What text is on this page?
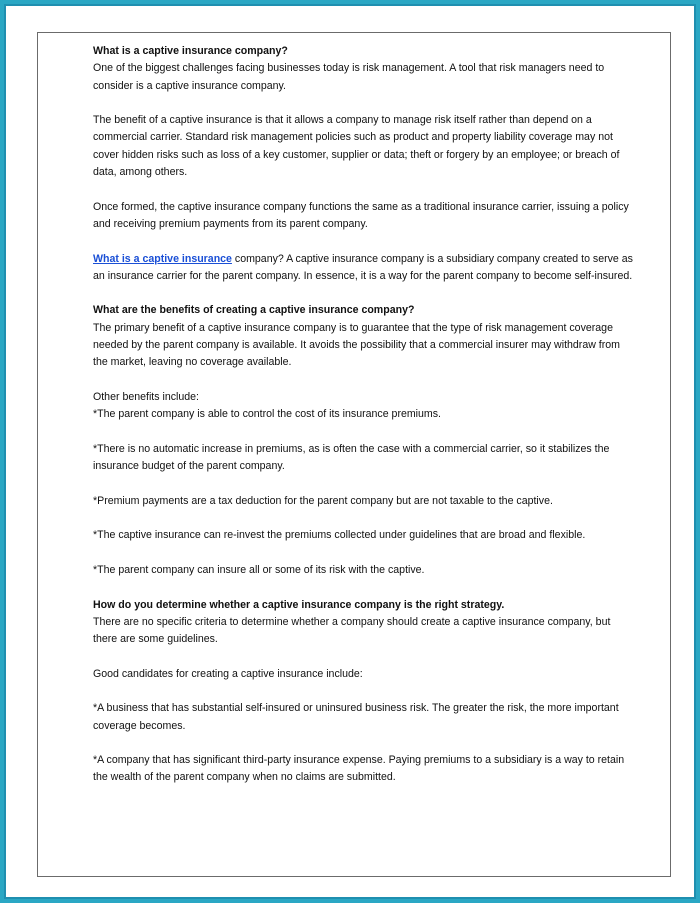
What is a captive insurance company?

One of the biggest challenges facing businesses today is risk management. A tool that risk managers need to consider is a captive insurance company.

The benefit of a captive insurance is that it allows a company to manage risk itself rather than depend on a commercial carrier. Standard risk management policies such as product and property liability coverage may not cover hidden risks such as loss of a key customer, supplier or data; theft or forgery by an employee; or breach of data, among others.

Once formed, the captive insurance company functions the same as a traditional insurance carrier, issuing a policy and receiving premium payments from its parent company.

What is a captive insurance company? A captive insurance company is a subsidiary company created to serve as an insurance carrier for the parent company. In essence, it is a way for the parent company to become self-insured.

What are the benefits of creating a captive insurance company?

The primary benefit of a captive insurance company is to guarantee that the type of risk management coverage needed by the parent company is available. It avoids the possibility that a commercial insurer may withdraw from the market, leaving no coverage available.

Other benefits include:

*The parent company is able to control the cost of its insurance premiums.

*There is no automatic increase in premiums, as is often the case with a commercial carrier, so it stabilizes the insurance budget of the parent company.

*Premium payments are a tax deduction for the parent company but are not taxable to the captive.

*The captive insurance can re-invest the premiums collected under guidelines that are broad and flexible.

*The parent company can insure all or some of its risk with the captive.

How do you determine whether a captive insurance company is the right strategy.

There are no specific criteria to determine whether a company should create a captive insurance company, but there are some guidelines.

Good candidates for creating a captive insurance include:

*A business that has substantial self-insured or uninsured business risk. The greater the risk, the more important coverage becomes.

*A company that has significant third-party insurance expense. Paying premiums to a subsidiary is a way to retain the wealth of the parent company when no claims are submitted.
